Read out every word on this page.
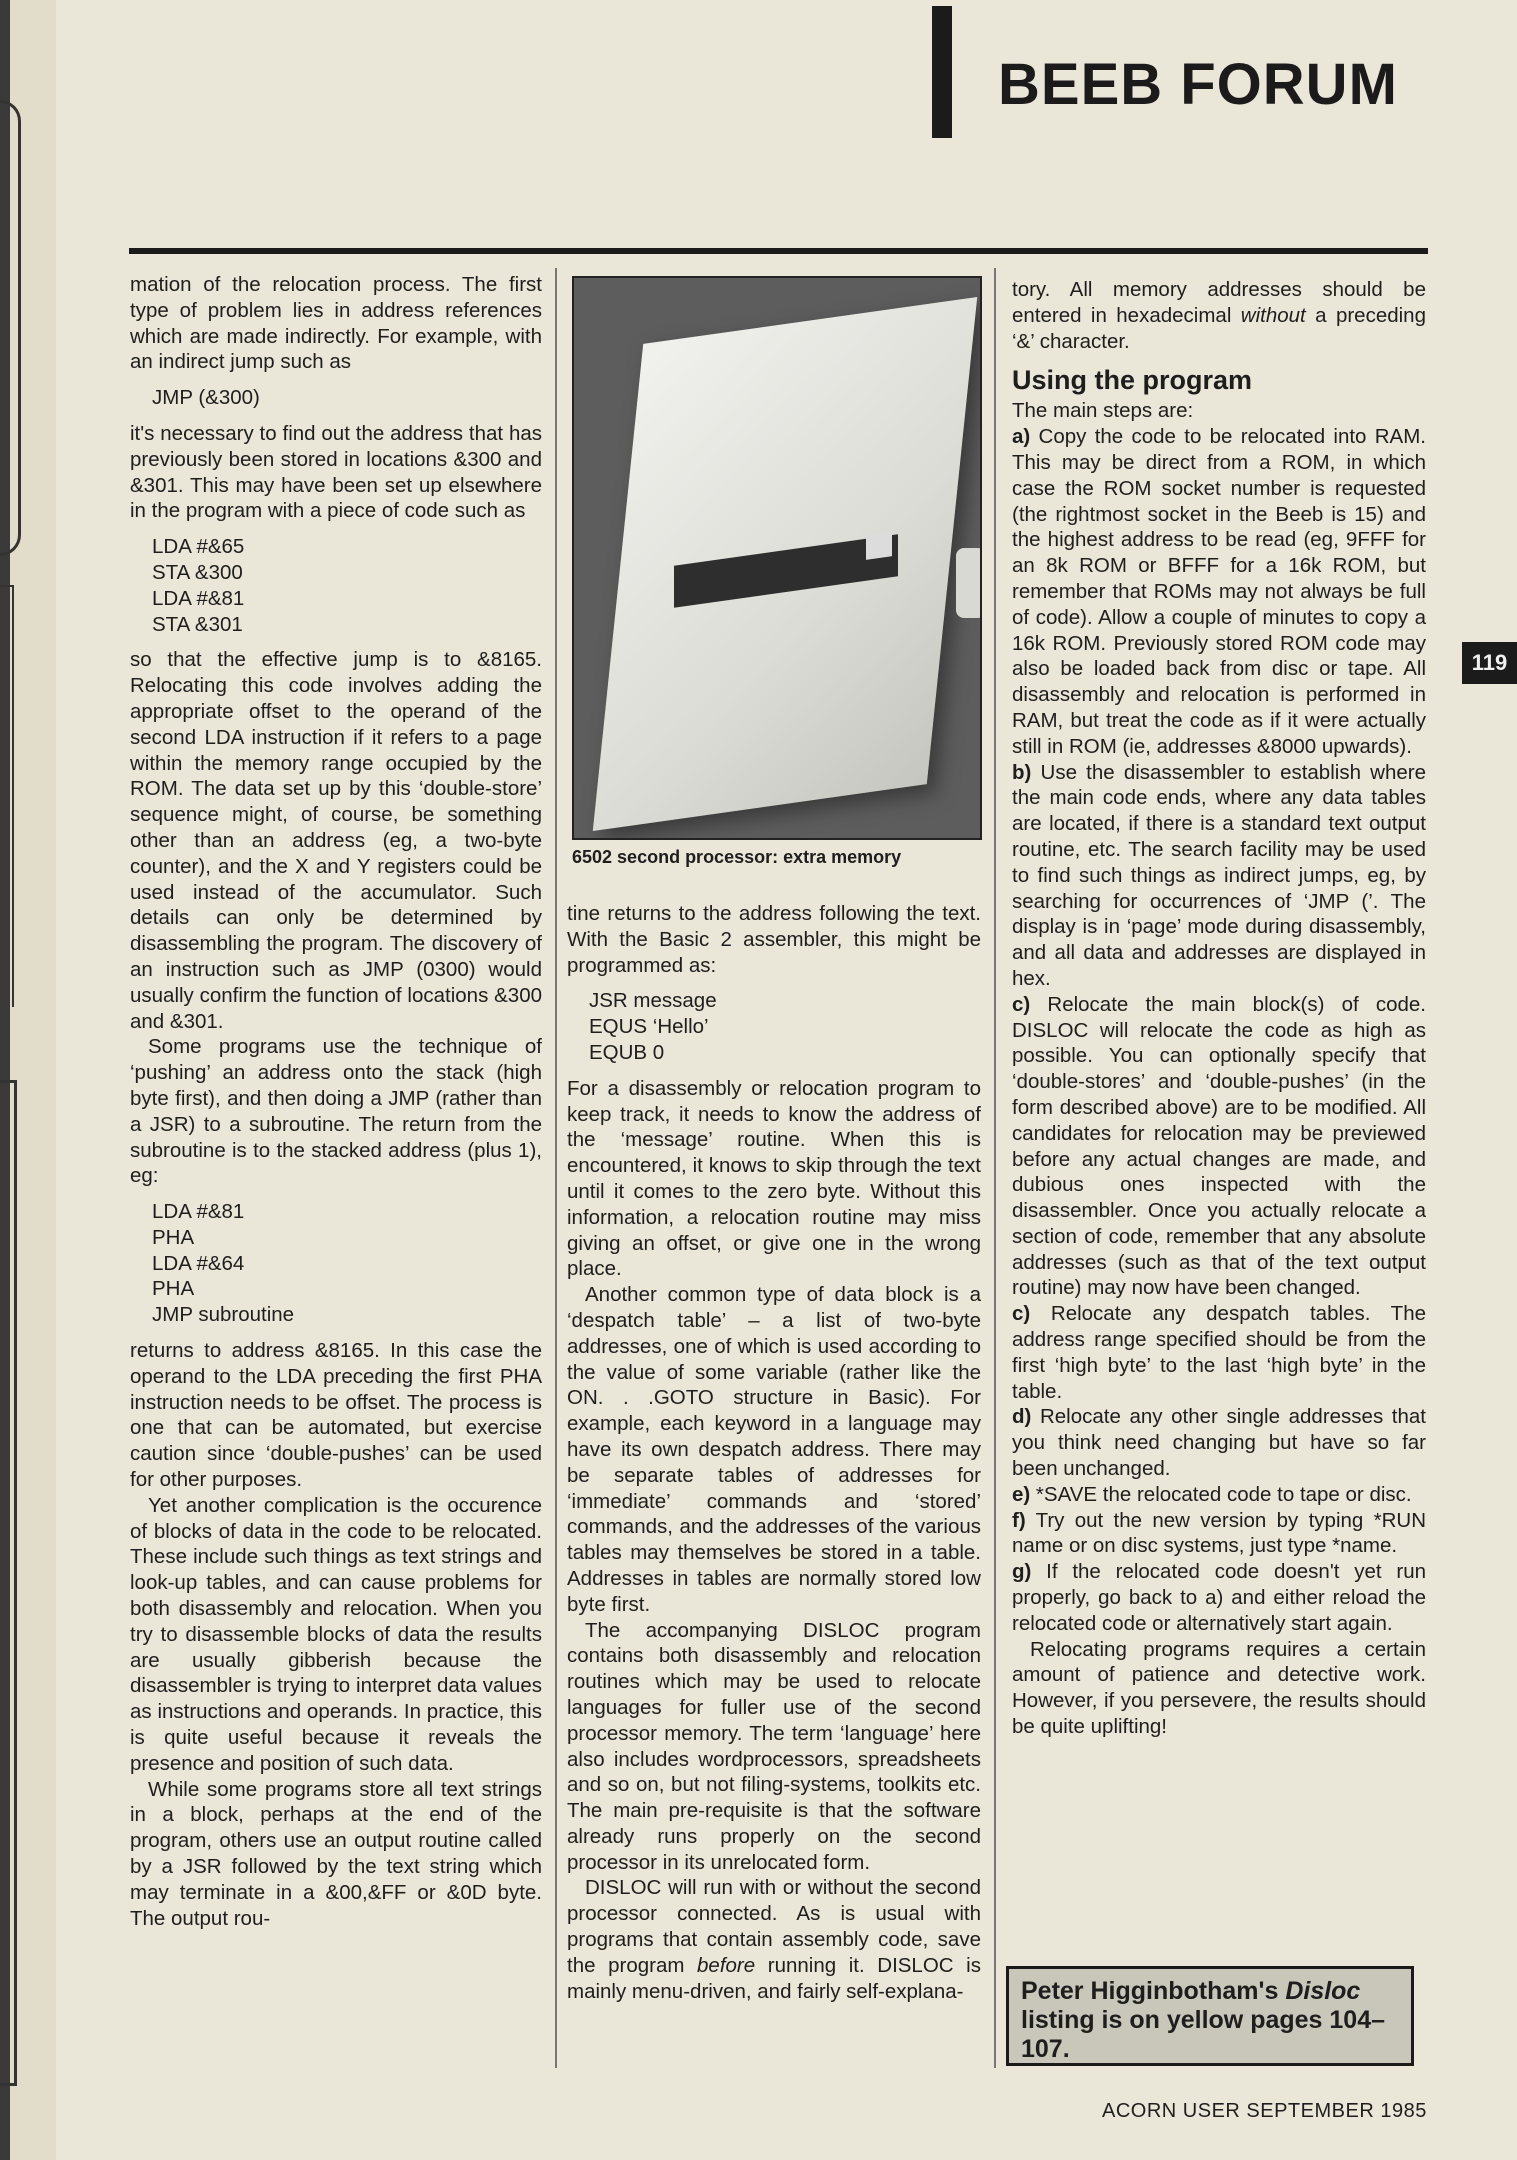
BEEB FORUM

mation of the relocation process. The first type of problem lies in address references which are made indirectly. For example, with an indirect jump such as

JMP (&300)

it's necessary to find out the address that has previously been stored in locations &300 and &301. This may have been set up elsewhere in the program with a piece of code such as

LDA #&65
STA &300
LDA #&81
STA &301

so that the effective jump is to &8165. Relocating this code involves adding the appropriate offset to the operand of the second LDA instruction if it refers to a page within the memory range occupied by the ROM. The data set up by this ‘double-store’ sequence might, of course, be something other than an address (eg, a two-byte counter), and the X and Y registers could be used instead of the accumulator. Such details can only be determined by disassembling the program. The discovery of an instruction such as JMP (0300) would usually confirm the function of locations &300 and &301.

Some programs use the technique of ‘pushing’ an address onto the stack (high byte first), and then doing a JMP (rather than a JSR) to a subroutine. The return from the subroutine is to the stacked address (plus 1), eg:

LDA #&81
PHA
LDA #&64
PHA
JMP subroutine

returns to address &8165. In this case the operand to the LDA preceding the first PHA instruction needs to be offset. The process is one that can be automated, but exercise caution since ‘double-pushes’ can be used for other purposes.

Yet another complication is the occurence of blocks of data in the code to be relocated. These include such things as text strings and look-up tables, and can cause problems for both disassembly and relocation. When you try to disassemble blocks of data the results are usually gibberish because the disassembler is trying to interpret data values as instructions and operands. In practice, this is quite useful because it reveals the presence and position of such data.

While some programs store all text strings in a block, perhaps at the end of the program, others use an output routine called by a JSR followed by the text string which may terminate in a &00,&FF or &0D byte. The output rou-

6502 second processor: extra memory

tine returns to the address following the text. With the Basic 2 assembler, this might be programmed as:

JSR message
EQUS ‘Hello’
EQUB 0

For a disassembly or relocation program to keep track, it needs to know the address of the ‘message’ routine. When this is encountered, it knows to skip through the text until it comes to the zero byte. Without this information, a relocation routine may miss giving an offset, or give one in the wrong place.

Another common type of data block is a ‘despatch table’ – a list of two-byte addresses, one of which is used according to the value of some variable (rather like the ON. . .GOTO structure in Basic). For example, each keyword in a language may have its own despatch address. There may be separate tables of addresses for ‘immediate’ commands and ‘stored’ commands, and the addresses of the various tables may themselves be stored in a table. Addresses in tables are normally stored low byte first.

The accompanying DISLOC program contains both disassembly and relocation routines which may be used to relocate languages for fuller use of the second processor memory. The term ‘language’ here also includes wordprocessors, spreadsheets and so on, but not filing-systems, toolkits etc. The main pre-requisite is that the software already runs properly on the second processor in its unrelocated form.

DISLOC will run with or without the second processor connected. As is usual with programs that contain assembly code, save the program before running it. DISLOC is mainly menu-driven, and fairly self-explana-

tory. All memory addresses should be entered in hexadecimal without a preceding ‘&’ character.

Using the program

The main steps are:

a) Copy the code to be relocated into RAM. This may be direct from a ROM, in which case the ROM socket number is requested (the rightmost socket in the Beeb is 15) and the highest address to be read (eg, 9FFF for an 8k ROM or BFFF for a 16k ROM, but remember that ROMs may not always be full of code). Allow a couple of minutes to copy a 16k ROM. Previously stored ROM code may also be loaded back from disc or tape. All disassembly and relocation is performed in RAM, but treat the code as if it were actually still in ROM (ie, addresses &8000 upwards).

b) Use the disassembler to establish where the main code ends, where any data tables are located, if there is a standard text output routine, etc. The search facility may be used to find such things as indirect jumps, eg, by searching for occurrences of ‘JMP (’. The display is in ‘page’ mode during disassembly, and all data and addresses are displayed in hex.

c) Relocate the main block(s) of code. DISLOC will relocate the code as high as possible. You can optionally specify that ‘double-stores’ and ‘double-pushes’ (in the form described above) are to be modified. All candidates for relocation may be previewed before any actual changes are made, and dubious ones inspected with the disassembler. Once you actually relocate a section of code, remember that any absolute addresses (such as that of the text output routine) may now have been changed.

c) Relocate any despatch tables. The address range specified should be from the first ‘high byte’ to the last ‘high byte’ in the table.

d) Relocate any other single addresses that you think need changing but have so far been unchanged.

e) *SAVE the relocated code to tape or disc.

f) Try out the new version by typing *RUN name or on disc systems, just type *name.

g) If the relocated code doesn't yet run properly, go back to a) and either reload the relocated code or alternatively start again.

Relocating programs requires a certain amount of patience and detective work. However, if you persevere, the results should be quite uplifting!

Peter Higginbotham's Disloc listing is on yellow pages 104–107.
119
ACORN USER SEPTEMBER 1985
